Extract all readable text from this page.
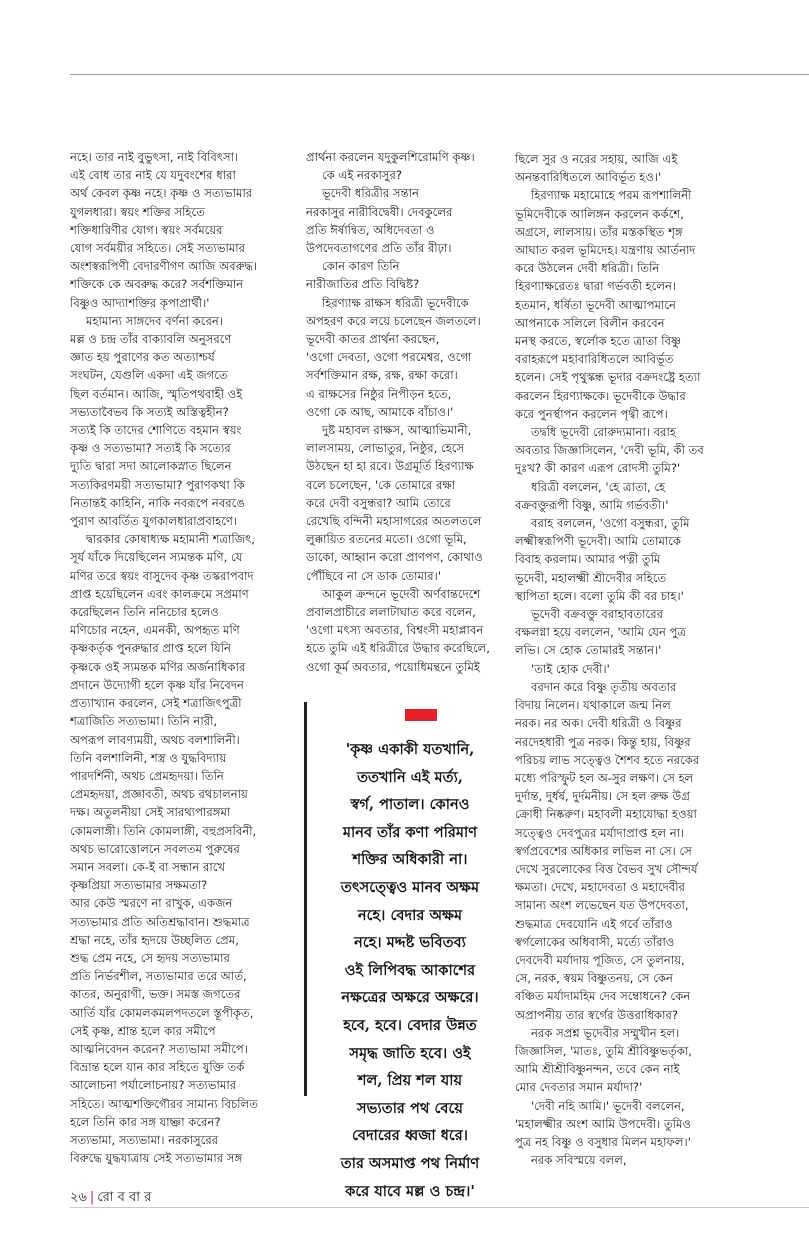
নহে। তার নাই বুভুৎসা, নাই বিবিৎসা।

এই বোধ তার নাই যে যদুবংশের ধারা

অর্থ কেবল কৃষ্ণ নহে। কৃষ্ণ ও সত্যভামার

যুগলধারা। স্বয়ং শক্তির সহিতে

শক্তিধারিণীর যোগ। স্বয়ং সর্বময়ের

যোগ সর্বময়ীর সহিতে। সেই সত্যভামার

অংশস্বরূপিণী বেদারণীগণ আজি অবরুদ্ধ।

শক্তিকে কে অবরুদ্ধ করে? সর্বশক্তিমান

বিষ্ণুও আদ্যাশক্তির কৃপাপ্রার্থী।'

মহামান্য সাঙ্গদেব বর্ণনা করেন।

মল্ল ও চন্দ্র তাঁর বাক্যাবলি অনুসরণে

জ্ঞাত হয় পুরাণের কত অত্যাশ্চর্য

সংঘটন, যেগুলি একদা এই জগতে

ছিল বর্তমান। আজি, স্মৃতিপথবাহী ওই

সভ্যতাবৈভব কি সত্যই অস্তিত্বহীন?

সত্যই কি তাদের শোণিতে বহমান স্বয়ং

কৃষ্ণ ও সত্যভামা? সত্যই কি সত্যের

দ্যুতি দ্বারা সদা আলোকস্নাত ছিলেন

সত্যকিরণময়ী সত্যভামা? পুরাণকথা কি

নিতান্তই কাহিনি, নাকি নবরূপে নবরঙে

পুরাণ আবর্তিত যুগকালধারাপ্রবাহণে।

দ্বারকার কোষাধ্যক্ষ মহামানী শত্রাজিৎ,

সূর্য যাঁকে দিয়েছিলেন স্যমন্তক মণি, যে

মণির তরে স্বয়ং বাসুদেব কৃষ্ণ তস্করাপবাদ

প্রাপ্ত হয়েছিলেন এবং কালক্রমে সপ্রমাণ

করেছিলেন তিনি ননিচোর হলেও

মণিচোর নহেন, এমনকী, অপহৃত মণি

কৃষ্ণকর্তৃক পুনরুদ্ধার প্রাপ্ত হলে যিনি

কৃষ্ণকে ওই স্যমন্তক মণির অর্জনাধিকার

প্রদানে উদ্যোগী হলে কৃষ্ণ যাঁর নিবেদন

প্রত্যাখ্যান করলেন, সেই শত্রাজিৎপুত্রী

শত্রাজিতি সত্যভামা। তিনি নারী,

অপরূপ লাবণ্যময়ী, অথচ বলশালিনী।

তিনি বলশালিনী, শস্ত্র ও যুদ্ধবিদ্যায়

পারদর্শিনী, অথচ প্রেমহৃদয়া। তিনি

প্রেমহৃদয়া, প্রজ্ঞাবতী, অথচ রথচালনায়

দক্ষ। অতুলনীয়া সেই সারথ্যপারঙ্গমা

কোমলাঙ্গী। তিনি কোমলাঙ্গী, বহুপ্রসবিনী,

অথচ ভারোত্তোলনে সবলতম পুরুষের

সমান সবলা। কে-ই বা সন্ধান রাখে

কৃষ্ণপ্রিয়া সত্যভামার সক্ষমতা?

আর কেউ স্মরণে না রাখুক, একজন

সত্যভামার প্রতি অতিশ্রদ্ধাবান। শুদ্ধমাত্র

শ্রদ্ধা নহে, তাঁর হৃদয়ে উচ্ছলিত প্রেম,

শুদ্ধ প্রেম নহে, সে হৃদয় সত্যভামার

প্রতি নির্ভরশীল, সত্যভামার তরে আর্ত,

কাতর, অনুরাগী, ভক্ত। সমস্ত জগতের

আর্তি যাঁর কোমলকমলপদতলে স্তূপীকৃত,

সেই কৃষ্ণ, শ্রান্ত হলে কার সমীপে

আত্মনিবেদন করেন? সত্যভামা সমীপে।

বিভ্রান্ত হলে যান কার সহিতে যুক্তি তর্ক

আলোচনা পর্যালোচনায়? সত্যভামার

সহিতে। আত্মশক্তিগৌরব সামান্য বিচলিত

হলে তিনি কার সঙ্গ যাচ্ঞা করেন?

সত্যভামা, সত্যভামা। নরকাসুরের

বিরুদ্ধে যুদ্ধযাত্রায় সেই সত্যভামার সঙ্গ

প্রার্থনা করলেন যদুকুলশিরোমণি কৃষ্ণ।

কে এই নরকাসুর?

ভূদেবী ধরিত্রীর সন্তান

নরকাসুর নারীবিদ্বেষী। দেবকুলের

প্রতি ঈর্ষান্বিত, অধিদেবতা ও

উপদেবতাগণের প্রতি তাঁর রীঢ়া।

কোন কারণ তিনি

নারীজাতির প্রতি বিদ্বিষ্ট?

হিরণ্যাক্ষ রাক্ষস ধরিত্রী ভূদেবীকে

অপহরণ করে লয়ে চলেছেন জলতলে।

ভূদেবী কাতর প্রার্থনা করছেন,

'ওগো দেবতা, ওগো পরমেশ্বর, ওগো

সর্বশক্তিমান রক্ষ, রক্ষ, রক্ষা করো।

এ রাক্ষসের নিষ্ঠুর নিপীড়ন হতে,

ওগো কে আছ, আমাকে বাঁচাও।'

দুষ্ট মহাবল রাক্ষস, আত্মাভিমানী,

লালসাময়, লোভাতুর, নিষ্ঠুর, হেসে

উঠছেন হা হা রবে। উগ্রমূর্তি হিরণ্যাক্ষ

বলে চলেছেন, 'কে তোমারে রক্ষা

করে দেবী বসুন্ধরা? আমি তোরে

রেখেছি বন্দিনী মহাসাগরের অতলতলে

লুক্কায়িত রতনের মতো। ওগো ভূমি,

ডাকো, আহ্বান করো প্রাণপণ, কোথাও

পৌঁছিবে না সে ডাক তোমার।'

আকুল ক্রন্দনে ভূদেবী অর্ণবান্তদেশে

প্রবালপ্রাচীরে ললাটাঘাত করে বলেন,

'ওগো মৎস্য অবতার, বিশ্বংসী মহাপ্লাবন

হতে তুমি এই ধরিত্রীরে উদ্ধার করেছিলে,

ওগো কূর্ম অবতার, পয়োধিমন্থনে তুমিই

ছিলে সুর ও নরের সহায়, আজি এই

অনন্তবারিধিতলে আবির্ভূত হও।'

হিরণ্যাক্ষ মহামোহে পরম রূপশালিনী

ভূমিদেবীকে আলিঙ্গন করলেন কর্কশে,

অগ্রসে, লালসায়। তাঁর মস্তকস্থিত শৃঙ্গ

আঘাত করল ভূমিদেহ। যন্ত্রণায় আর্তনাদ

করে উঠলেন দেবী ধরিত্রী। তিনি

হিরণ্যাক্ষরেতঃ দ্বারা গর্ভবতী হলেন।

হতমান, ধর্ষিতা ভূদেবী আত্মাপমানে

আপনাকে সলিলে বিলীন করবেন

মনস্থ করতে, স্বর্লোক হতে ত্রাতা বিষ্ণু

বরাহরূপে মহাবারিধিতলে আবির্ভূত

হলেন। সেই পৃথুস্কন্ধ ভূদার বক্রদংষ্ট্রে হত্যা

করলেন হিরণ্যাক্ষকে। ভূদেবীকে উদ্ধার

করে পুনর্স্থাপন করলেন পৃথ্বী রূপে।

তদ্বধি ভূদেবী রোরুদ্যমানা। বরাহ

অবতার জিজ্ঞাসিলেন, 'দেবী ভূমি, কী তব

দুঃখ? কী কারণ এরূপ রোদসী তুমি?'

ধরিত্রী বললেন, 'হে ত্রাতা, হে

বক্রবক্তুরূপী বিষ্ণু, আমি গর্ভবতী।'

বরাহ বললেন, 'ওগো বসুন্ধরা, তুমি

লক্ষ্মীস্বরূপিণী ভূদেবী। আমি তোমাকে

বিবাহ করলাম। আমার পত্নী তুমি

ভূদেবী, মহালক্ষ্মী শ্রীদেবীর সহিতে

স্থাপিতা হলে। বলো তুমি কী বর চাহ।'

ভূদেবী বক্রবক্তু বরাহাবতারের

বক্ষলগ্না হয়ে বললেন, 'আমি যেন পুত্র

লভি। সে হোক তোমারই সন্তান।'

'তাই হোক দেবী।'

বরদান করে বিষ্ণু তৃতীয় অবতার

বিদায় নিলেন। যথাকালে জন্ম নিল

নরক। নর অক। দেবী ধরিত্রী ও বিষ্ণুর

নরদেহধারী পুত্র নরক। কিন্তু হায়, বিষ্ণুর

পরিচয় লাভ সত্ত্বেও শৈশব হতে নরকের

মধ্যে পরিস্ফুট হল অ-সুর লক্ষণ। সে হল

দুর্দান্ত, দুর্ধর্ষ, দুর্দমনীয়। সে হল রুক্ষ উগ্র

ক্রোধী নিষ্করুণ। মহাবলী মহাযোদ্ধা হওয়া

সত্ত্বেও দেবপুত্রর মর্যাদাপ্রাপ্ত হল না।

স্বর্গপ্রবেশের অধিকার লভিল না সে। সে

দেখে সুরলোকের বিত্ত বৈভব সুখ সৌন্দর্য

ক্ষমতা। দেখে, মহাদেবতা ও মহাদেবীর

সামান্য অংশ লভেছেন যত উপদেবতা,

শুদ্ধমাত্র দেবযোনি এই গর্বে তাঁরাও

স্বর্গলোকের অধিবাসী, মর্ত্যে তাঁরাও

দেবদেবী মর্যাদায় পূজিত, সে তুলনায়,

সে, নরক, স্বয়ম বিষ্ণুতনয়, সে কেন

বঞ্চিত মর্যাদামহিম দেব সম্বোধনে? কেন

অপ্রাপনীয় তার স্বর্গের উত্তরাধিকার?

নরক সপ্রশ্ন ভূদেবীর সম্মুখীন হল।

জিজ্ঞাসিল, 'মাতঃ, তুমি শ্রীবিষ্ণুভর্তৃকা,

আমি শ্রীশ্রীবিষ্ণুনন্দন, তবে কেন নাই

মোর দেবতার সমান মর্যাদা?'

'দেবী নহি আমি।' ভূদেবী বললেন,

'মহালক্ষ্মীর অংশ আমি উপদেবী। তুমিও

পুত্র নহ বিষ্ণু ও বসুধার মিলন মহাফল।'

নরক সবিস্ময়ে বলল,

'কৃষ্ণ একাকী যতখানি,

ততখানি এই মর্ত্য,

স্বর্গ, পাতাল। কোনও

মানব তাঁর কণা পরিমাণ

শক্তির অধিকারী না।

তৎসত্ত্বেও মানব অক্ষম

নহে। বেদার অক্ষম

নহে। মদ্দষ্ট ভবিতব্য

ওই লিপিবদ্ধ আকাশের

নক্ষত্রের অক্ষরে অক্ষরে।

হবে, হবে। বেদার উন্নত

সমৃদ্ধ জাতি হবে। ওই

শল, প্রিয় শল যায়

সভ্যতার পথ বেয়ে

বেদারের ধ্বজা ধরে।

তার অসমাপ্ত পথ নির্মাণ

করে যাবে মল্ল ও চন্দ্র।'

২৬ | রো ব বা র
